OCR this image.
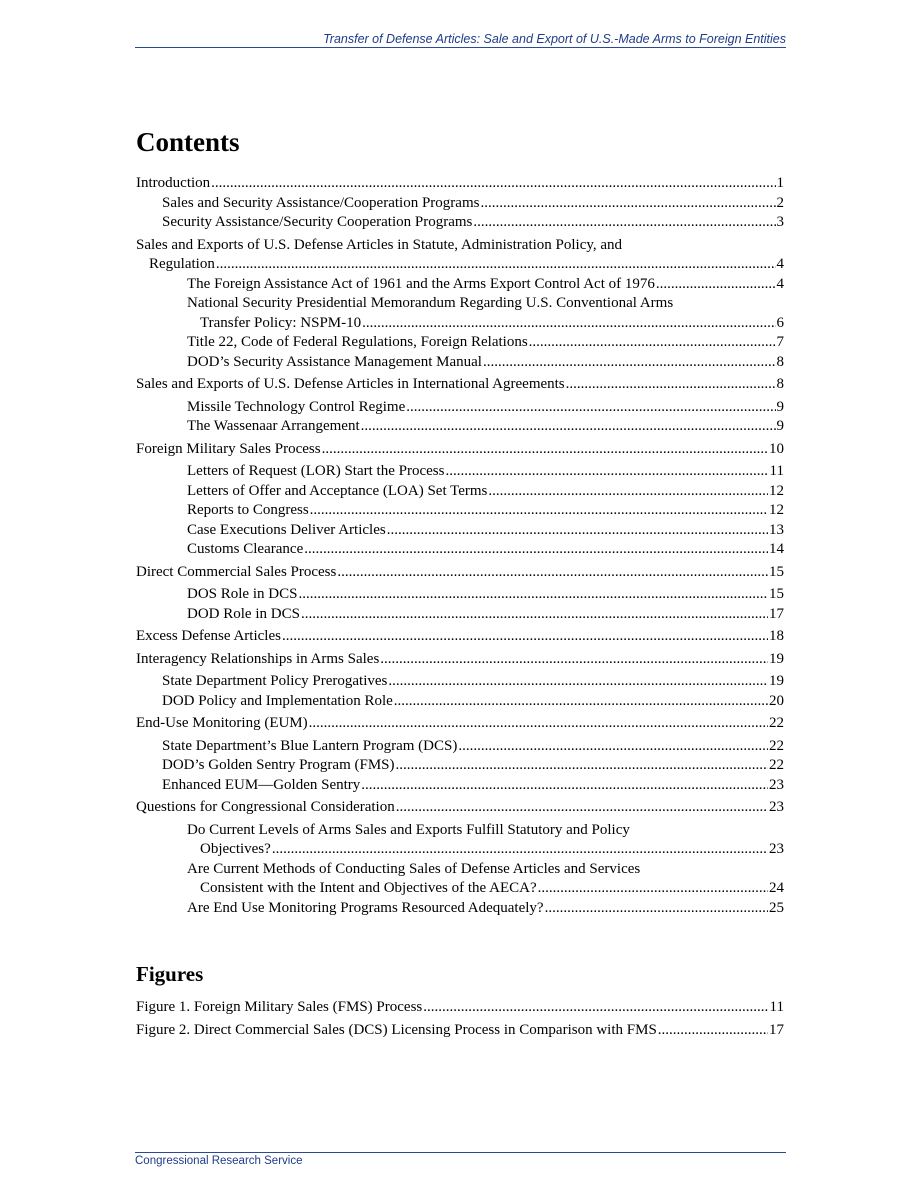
Transfer of Defense Articles: Sale and Export of U.S.-Made Arms to Foreign Entities
Contents
Introduction .....	1
Sales and Security Assistance/Cooperation Programs .....	2
Security Assistance/Security Cooperation Programs .....	3
Sales and Exports of U.S. Defense Articles in Statute, Administration Policy, and
Regulation .....	4
The Foreign Assistance Act of 1961 and the Arms Export Control Act of 1976 .....	4
National Security Presidential Memorandum Regarding U.S. Conventional Arms
Transfer Policy: NSPM-10 .....	6
Title 22, Code of Federal Regulations, Foreign Relations .....	7
DOD’s Security Assistance Management Manual .....	8
Sales and Exports of U.S. Defense Articles in International Agreements .....	8
Missile Technology Control Regime .....	9
The Wassenaar Arrangement .....	9
Foreign Military Sales Process .....	10
Letters of Request (LOR) Start the Process .....	11
Letters of Offer and Acceptance (LOA) Set Terms .....	12
Reports to Congress .....	12
Case Executions Deliver Articles .....	13
Customs Clearance .....	14
Direct Commercial Sales Process .....	15
DOS Role in DCS .....	15
DOD Role in DCS .....	17
Excess Defense Articles .....	18
Interagency Relationships in Arms Sales .....	19
State Department Policy Prerogatives .....	19
DOD Policy and Implementation Role .....	20
End-Use Monitoring (EUM) .....	22
State Department’s Blue Lantern Program (DCS) .....	22
DOD’s Golden Sentry Program (FMS) .....	22
Enhanced EUM—Golden Sentry .....	23
Questions for Congressional Consideration .....	23
Do Current Levels of Arms Sales and Exports Fulfill Statutory and Policy
Objectives? .....	23
Are Current Methods of Conducting Sales of Defense Articles and Services
Consistent with the Intent and Objectives of the AECA? .....	24
Are End Use Monitoring Programs Resourced Adequately? .....	25
Figures
Figure 1. Foreign Military Sales (FMS) Process .....	11
Figure 2. Direct Commercial Sales (DCS) Licensing Process in Comparison with FMS .....	17
Congressional Research Service
